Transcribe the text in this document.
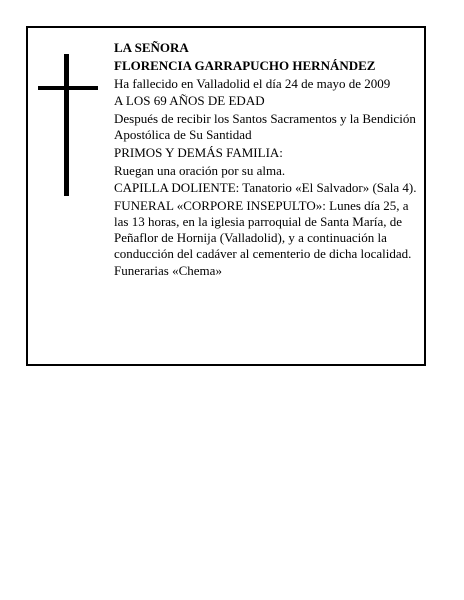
LA SEÑORA

FLORENCIA GARRAPUCHO HERNÁNDEZ

Ha fallecido en Valladolid el día 24 de mayo de 2009

A LOS 69 AÑOS DE EDAD

Después de recibir los Santos Sacramentos y la Bendición Apostólica de Su Santidad

PRIMOS Y DEMÁS FAMILIA:

Ruegan una oración por su alma.

CAPILLA DOLIENTE: Tanatorio «El Salvador» (Sala 4).

FUNERAL «CORPORE INSEPULTO»: Lunes día 25, a las 13 horas, en la iglesia parroquial de Santa María, de Peñaflor de Hornija (Valladolid), y a continuación la conducción del cadáver al cementerio de dicha localidad.

Funerarias «Chema»
